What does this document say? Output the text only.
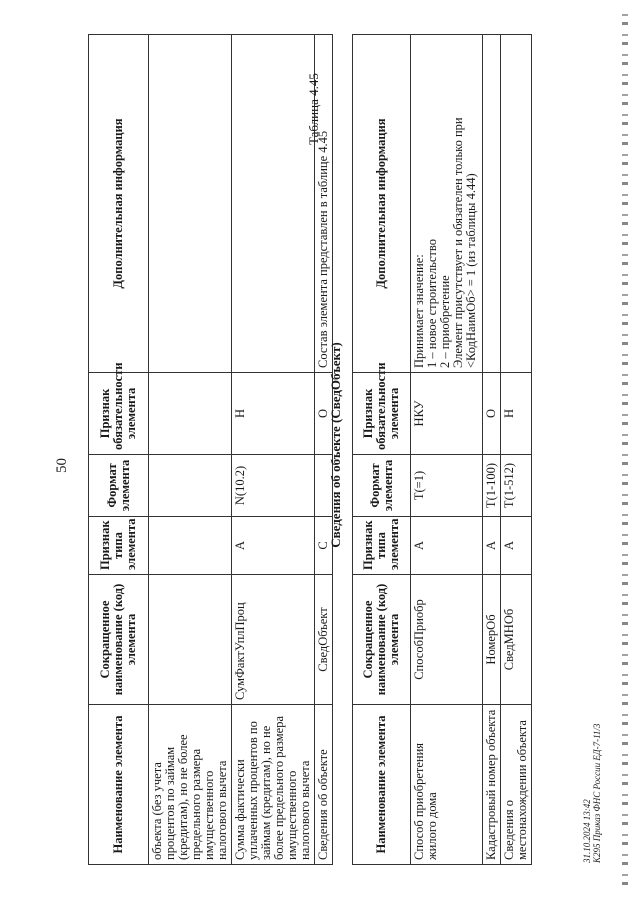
50
Наименование элемента	Сокращенное наименование (код) элемента	Признак типа элемента	Формат элемента	Признак обязательности элемента	Дополнительная информация
объекта (без учета процентов по займам (кредитам), но не более предельного размера имущественного налогового вычета					
Сумма фактически уплаченных процентов по займам (кредитам), но не более предельного размера имущественного налогового вычета	СумФактУплПроц	А	N(10.2)	Н	
Сведения об объекте	СведОбъект	С		О	Состав элемента представлен в таблице 4.45
Таблица 4.45
Сведения об объекте (СведОбъект)
Наименование элемента	Сокращенное наименование (код) элемента	Признак типа элемента	Формат элемента	Признак обязательности элемента	Дополнительная информация
Способ приобретения жилого дома	СпособПриобр	А	Т(=1)	НКУ	Принимает значение: 1 – новое строительство 2 – приобретение Элемент присутствует и обязателен только при <КодНаимОб> = 1 (из таблицы 4.44)

Кадастровый номер объекта	НомерОб	А	Т(1-100)	О	
Сведения о местонахождении объекта	СведМНОб	А	Т(1-512)	Н	
31.10.2024 13:42 К295 Приказ ФНС России ЕД-7-11/3
